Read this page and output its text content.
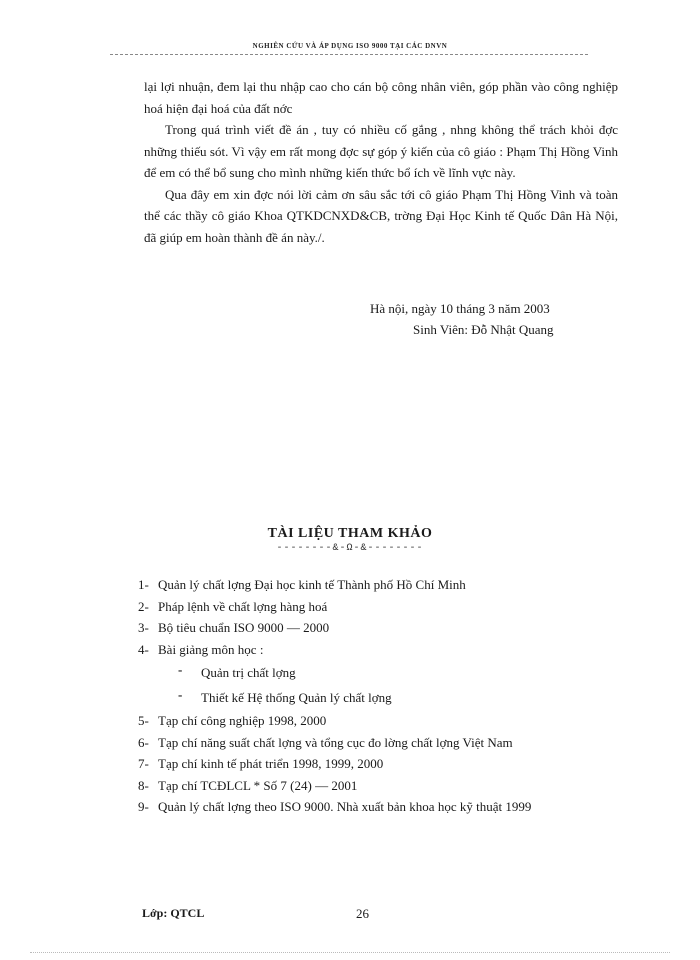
NGHIÊN CỨU VÀ ÁP DỤNG ISO 9000 TẠI CÁC DNVN

lại lợi nhuận, đem lại thu nhập cao cho cán bộ công nhân viên, góp phần vào công nghiệp hoá hiện đại hoá của đất nớc

Trong quá trình viết đề án , tuy có nhiều cố gắng , nhng không thể trách khỏi đợc những thiếu sót. Vì vậy em rất mong đợc sự góp ý kiến của cô giáo : Phạm Thị Hồng Vinh để em có thể bổ sung cho mình những kiến thức bổ ích về lĩnh vực này.

Qua đây em xin đợc nói lời cảm ơn sâu sắc tới cô giáo Phạm Thị Hồng Vinh và toàn thể các thầy cô giáo Khoa QTKDCNXD&CB, trờng Đại Học Kinh tế Quốc Dân Hà Nội, đã giúp em hoàn thành đề án này./.

Hà nội, ngày 10 tháng 3 năm 2003
Sinh Viên: Đỗ Nhật Quang
TÀI LIỆU THAM KHẢO
--------&-Ω-&--------
1- Quản lý chất lợng Đại học kinh tế Thành phố Hồ Chí Minh
2- Pháp lệnh về chất lợng hàng hoá
3- Bộ tiêu chuẩn ISO 9000 — 2000
4- Bài giảng môn học :
- Quản trị chất lợng
- Thiết kế Hệ thống Quản lý chất lợng
5- Tạp chí công nghiệp 1998, 2000
6- Tạp chí năng suất chất lợng và tổng cục đo lờng chất lợng Việt Nam
7- Tạp chí kinh tế phát triển 1998, 1999, 2000
8- Tạp chí TCĐLCL * Số 7 (24) — 2001
9- Quản lý chất lợng theo ISO 9000. Nhà xuất bản khoa học kỹ thuật 1999
Lớp: QTCL	26
